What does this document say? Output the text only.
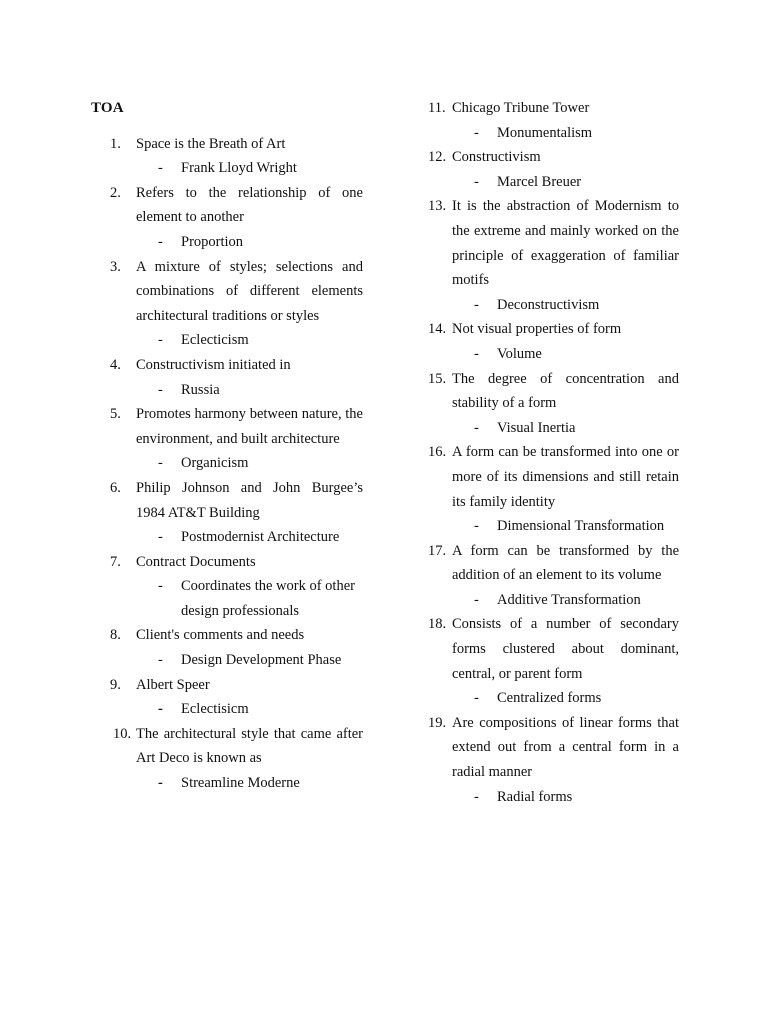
TOA
1. Space is the Breath of Art

- Frank Lloyd Wright
2. Refers to the relationship of one element to another

- Proportion
3. A mixture of styles; selections and combinations of different elements architectural traditions or styles

- Eclecticism
4. Constructivism initiated in

- Russia
5. Promotes harmony between nature, the environment, and built architecture

- Organicism
6. Philip Johnson and John Burgee’s 1984 AT&T Building

- Postmodernist Architecture
7. Contract Documents

- Coordinates the work of other design professionals
8. Client's comments and needs

- Design Development Phase
9. Albert Speer

- Eclectisicm
10. The architectural style that came after Art Deco is known as

- Streamline Moderne
11. Chicago Tribune Tower

- Monumentalism
12. Constructivism

- Marcel Breuer
13. It is the abstraction of Modernism to the extreme and mainly worked on the principle of exaggeration of familiar motifs

- Deconstructivism
14. Not visual properties of form

- Volume
15. The degree of concentration and stability of a form

- Visual Inertia
16. A form can be transformed into one or more of its dimensions and still retain its family identity

- Dimensional Transformation
17. A form can be transformed by the addition of an element to its volume

- Additive Transformation
18. Consists of a number of secondary forms clustered about dominant, central, or parent form

- Centralized forms
19. Are compositions of linear forms that extend out from a central form in a radial manner

- Radial forms
